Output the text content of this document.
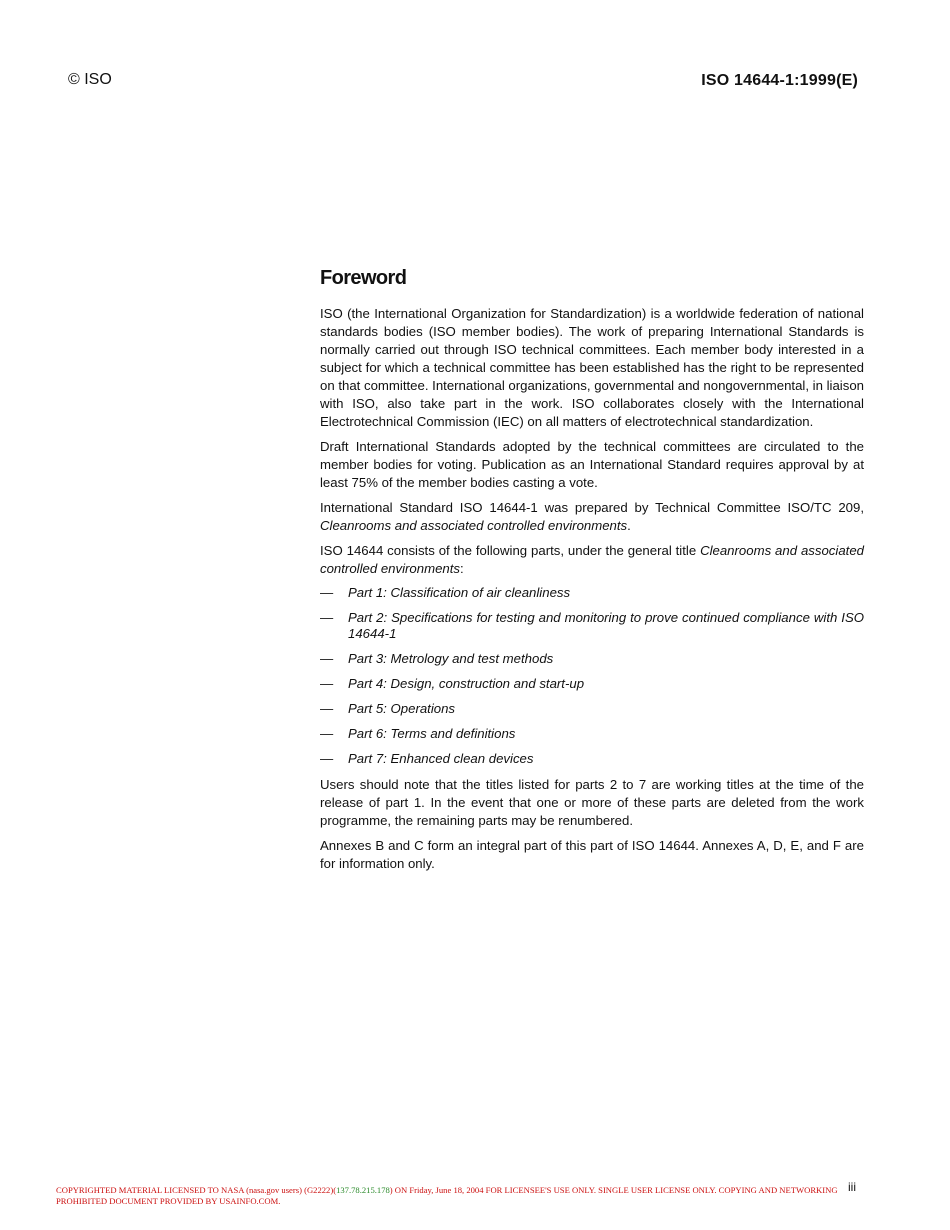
© ISO	ISO 14644-1:1999(E)
Foreword

ISO (the International Organization for Standardization) is a worldwide federation of national standards bodies (ISO member bodies). The work of preparing International Standards is normally carried out through ISO technical committees. Each member body interested in a subject for which a technical committee has been established has the right to be represented on that committee. International organizations, governmental and nongovernmental, in liaison with ISO, also take part in the work. ISO collaborates closely with the International Electrotechnical Commission (IEC) on all matters of electrotechnical standardization.

Draft International Standards adopted by the technical committees are circulated to the member bodies for voting. Publication as an International Standard requires approval by at least 75% of the member bodies casting a vote.

International Standard ISO 14644-1 was prepared by Technical Committee ISO/TC 209, Cleanrooms and associated controlled environments.

ISO 14644 consists of the following parts, under the general title Cleanrooms and associated controlled environments:

— Part 1: Classification of air cleanliness
— Part 2: Specifications for testing and monitoring to prove continued compliance with ISO 14644-1
— Part 3: Metrology and test methods
— Part 4: Design, construction and start-up
— Part 5: Operations
— Part 6: Terms and definitions
— Part 7: Enhanced clean devices

Users should note that the titles listed for parts 2 to 7 are working titles at the time of the release of part 1. In the event that one or more of these parts are deleted from the work programme, the remaining parts may be renumbered.

Annexes B and C form an integral part of this part of ISO 14644. Annexes A, D, E, and F are for information only.

COPYRIGHTED MATERIAL LICENSED TO NASA (nasa.gov users) (G2222)(137.78.215.178) ON Friday, June 18, 2004 FOR LICENSEE'S USE ONLY. SINGLE USER LICENSE ONLY. COPYING AND NETWORKING PROHIBITED DOCUMENT PROVIDED BY USAINFO.COM.
iii
